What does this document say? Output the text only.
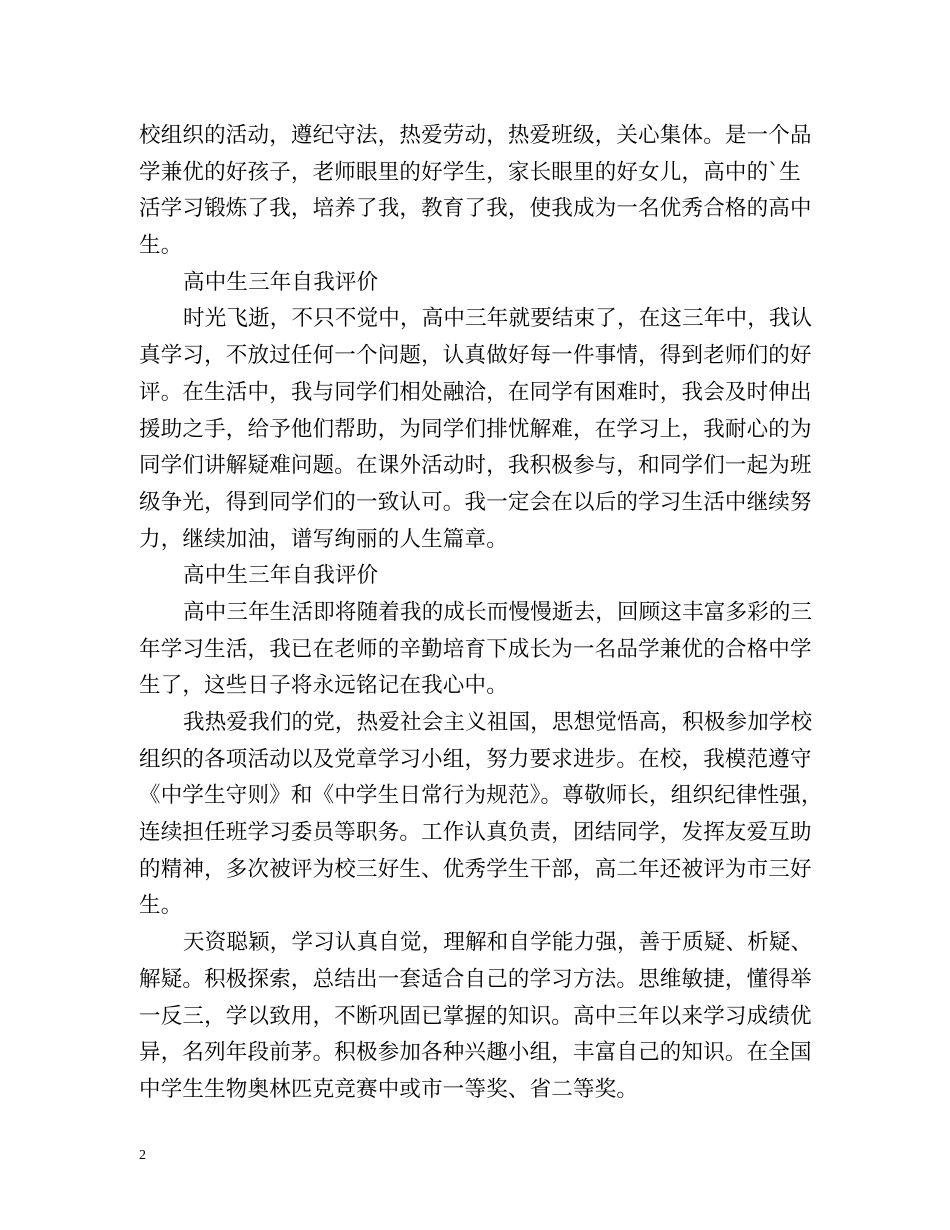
校组织的活动，遵纪守法，热爱劳动，热爱班级，关心集体。是一个品
学兼优的好孩子，老师眼里的好学生，家长眼里的好女儿，高中的`生
活学习锻炼了我，培养了我，教育了我，使我成为一名优秀合格的高中
生。
高中生三年自我评价
时光飞逝，不只不觉中，高中三年就要结束了，在这三年中，我认
真学习，不放过任何一个问题，认真做好每一件事情，得到老师们的好
评。在生活中，我与同学们相处融洽，在同学有困难时，我会及时伸出
援助之手，给予他们帮助，为同学们排忧解难，在学习上，我耐心的为
同学们讲解疑难问题。在课外活动时，我积极参与，和同学们一起为班
级争光，得到同学们的一致认可。我一定会在以后的学习生活中继续努
力，继续加油，谱写绚丽的人生篇章。
高中生三年自我评价
高中三年生活即将随着我的成长而慢慢逝去，回顾这丰富多彩的三
年学习生活，我已在老师的辛勤培育下成长为一名品学兼优的合格中学
生了，这些日子将永远铭记在我心中。
我热爱我们的党，热爱社会主义祖国，思想觉悟高，积极参加学校
组织的各项活动以及党章学习小组，努力要求进步。在校，我模范遵守
《中学生守则》和《中学生日常行为规范》。尊敬师长，组织纪律性强，
连续担任班学习委员等职务。工作认真负责，团结同学，发挥友爱互助
的精神，多次被评为校三好生、优秀学生干部，高二年还被评为市三好
生。
天资聪颖，学习认真自觉，理解和自学能力强，善于质疑、析疑、
解疑。积极探索，总结出一套适合自己的学习方法。思维敏捷，懂得举
一反三，学以致用，不断巩固已掌握的知识。高中三年以来学习成绩优
异，名列年段前茅。积极参加各种兴趣小组，丰富自己的知识。在全国
中学生生物奥林匹克竞赛中或市一等奖、省二等奖。
2
